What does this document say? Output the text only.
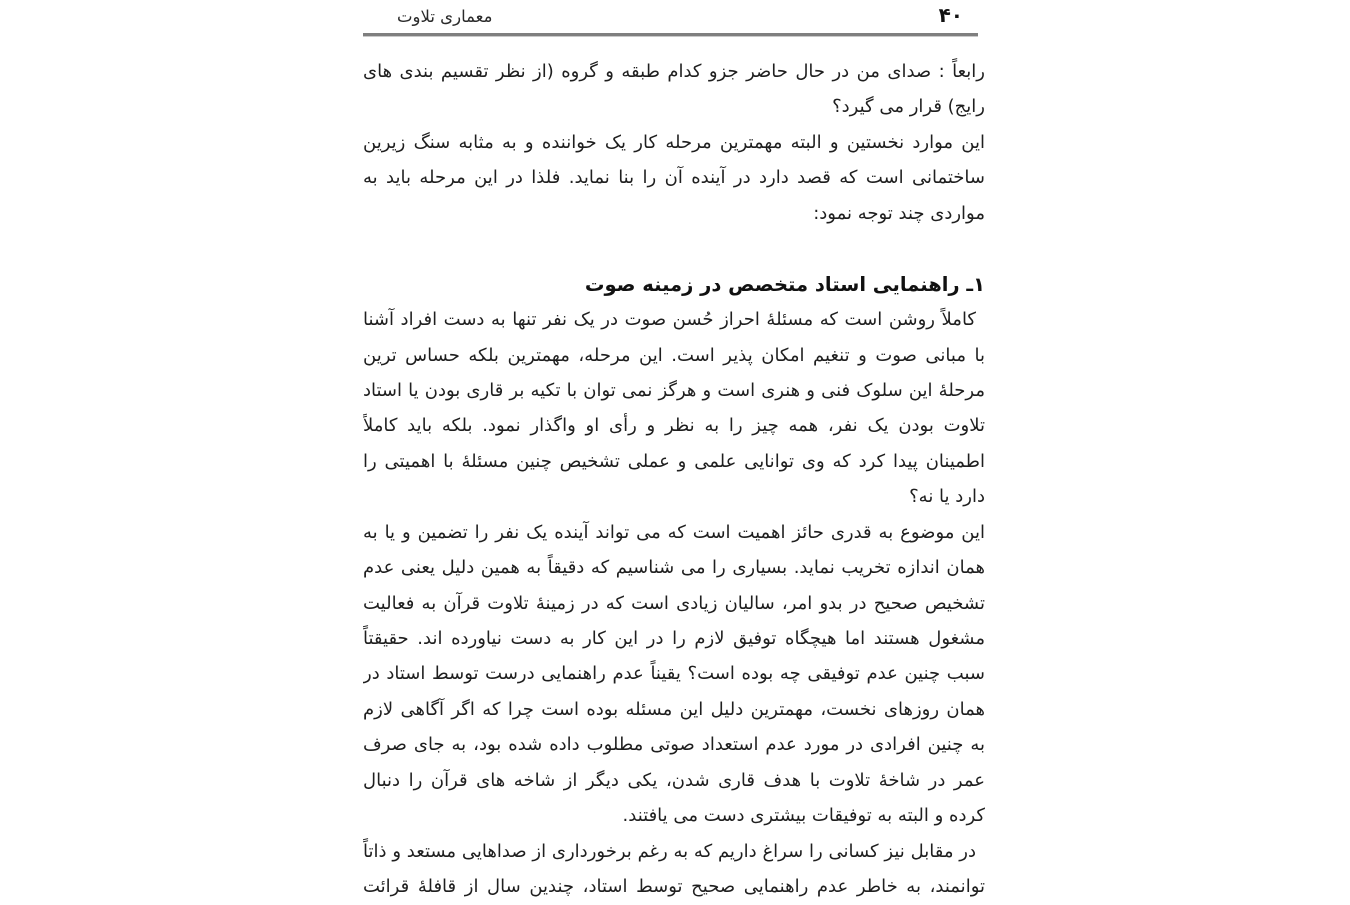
معماری تلاوت	۴۰
رابعاً : صدای من در حال حاضر جزو کدام طبقه و گروه (از نظر تقسیم بندی های
رایج) قرار می گیرد؟
این موارد نخستین و البته مهمترین مرحله کار یک خواننده و به مثابه سنگ زیرین
ساختمانی است که قصد دارد در آینده آن را بنا نماید. فلذا در این مرحله باید به
مواردی چند توجه نمود:
۱ـ راهنمایی استاد متخصص در زمینه صوت
کاملاً روشن است که مسئلهٔ احراز حُسن صوت در یک نفر تنها به دست افراد آشنا
با مبانی صوت و تنغیم امکان پذیر است. این مرحله، مهمترین بلکه حساس ترین
مرحلهٔ این سلوک فنی و هنری است و هرگز نمی توان با تکیه بر قاری بودن یا استاد
تلاوت بودن یک نفر، همه چیز را به نظر و رأی او واگذار نمود. بلکه باید کاملاً
اطمینان پیدا کرد که وی توانایی علمی و عملی تشخیص چنین مسئلهٔ با اهمیتی را
دارد یا نه؟
این موضوع به قدری حائز اهمیت است که می تواند آینده یک نفر را تضمین و یا به
همان اندازه تخریب نماید. بسیاری را می شناسیم که دقیقاً به همین دلیل یعنی عدم
تشخیص صحیح در بدو امر، سالیان زیادی است که در زمینهٔ تلاوت قرآن به فعالیت
مشغول هستند اما هیچگاه توفیق لازم را در این کار به دست نیاورده اند. حقیقتاً
سبب چنین عدم توفیقی چه بوده است؟ یقیناً عدم راهنمایی درست توسط استاد در
همان روزهای نخست، مهمترین دلیل این مسئله بوده است چرا که اگر آگاهی لازم
به چنین افرادی در مورد عدم استعداد صوتی مطلوب داده شده بود، به جای صرف
عمر در شاخهٔ تلاوت با هدف قاری شدن، یکی دیگر از شاخه های قرآن را دنبال
کرده و البته به توفیقات بیشتری دست می یافتند.
در مقابل نیز کسانی را سراغ داریم که به رغم برخورداری از صداهایی مستعد و ذاتاً
توانمند، به خاطر عدم راهنمایی صحیح توسط استاد، چندین سال از قافلهٔ قرائت
